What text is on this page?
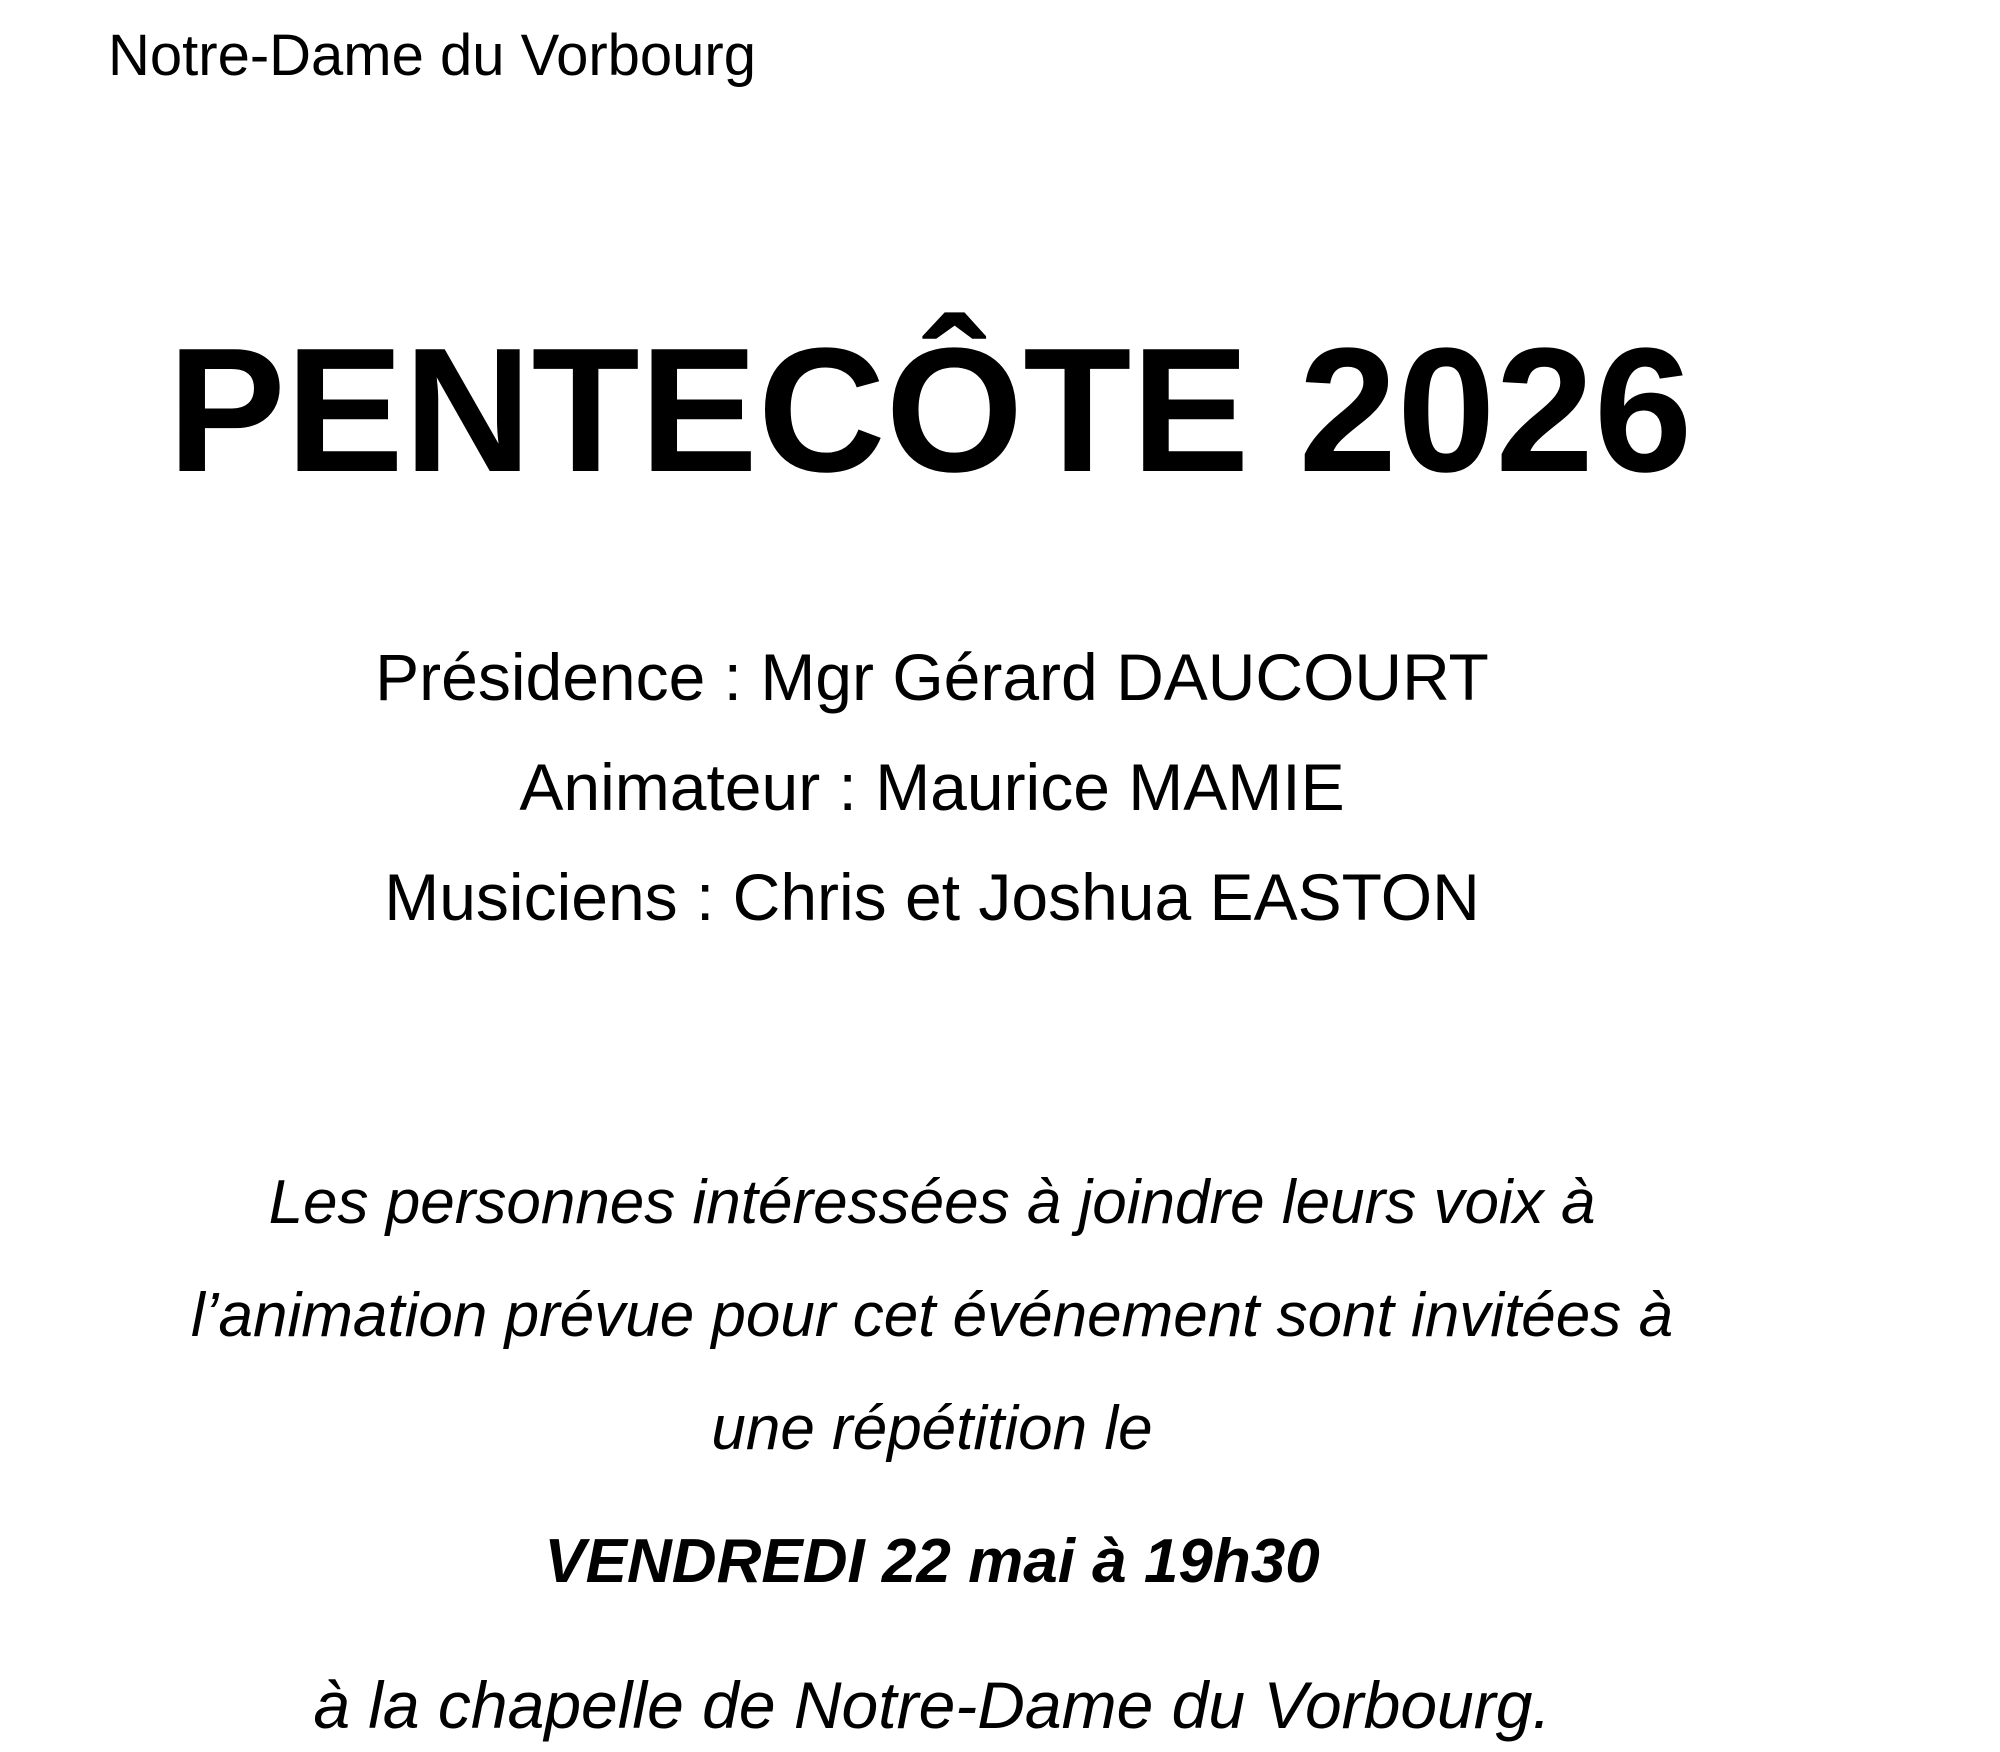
Notre-Dame du Vorbourg
PENTECÔTE 2026
Présidence : Mgr Gérard DAUCOURT
Animateur : Maurice MAMIE
Musiciens : Chris et Joshua EASTON
Les personnes intéressées à joindre leurs voix à
l’animation prévue pour cet événement sont invitées à
une répétition le
VENDREDI 22 mai à 19h30
à la chapelle de Notre-Dame du Vorbourg.
